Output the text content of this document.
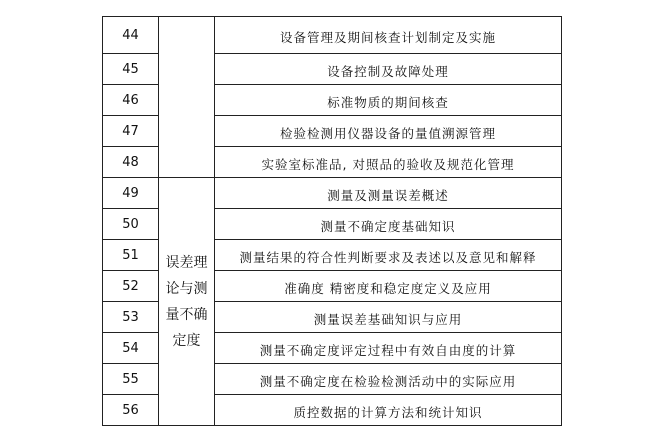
44		设备管理及期间核查计划制定及实施
45		设备控制及故障处理
46		标准物质的期间核查
47		检验检测用仪器设备的量值溯源管理
48		实验室标准品, 对照品的验收及规范化管理
49	误差理
论与测
量不确
定度	测量及测量误差概述
50		测量不确定度基础知识
51		测量结果的符合性判断要求及表述以及意见和解释
52		准确度 精密度和稳定度定义及应用
53		测量误差基础知识与应用
54		测量不确定度评定过程中有效自由度的计算
55		测量不确定度在检验检测活动中的实际应用
56		质控数据的计算方法和统计知识
